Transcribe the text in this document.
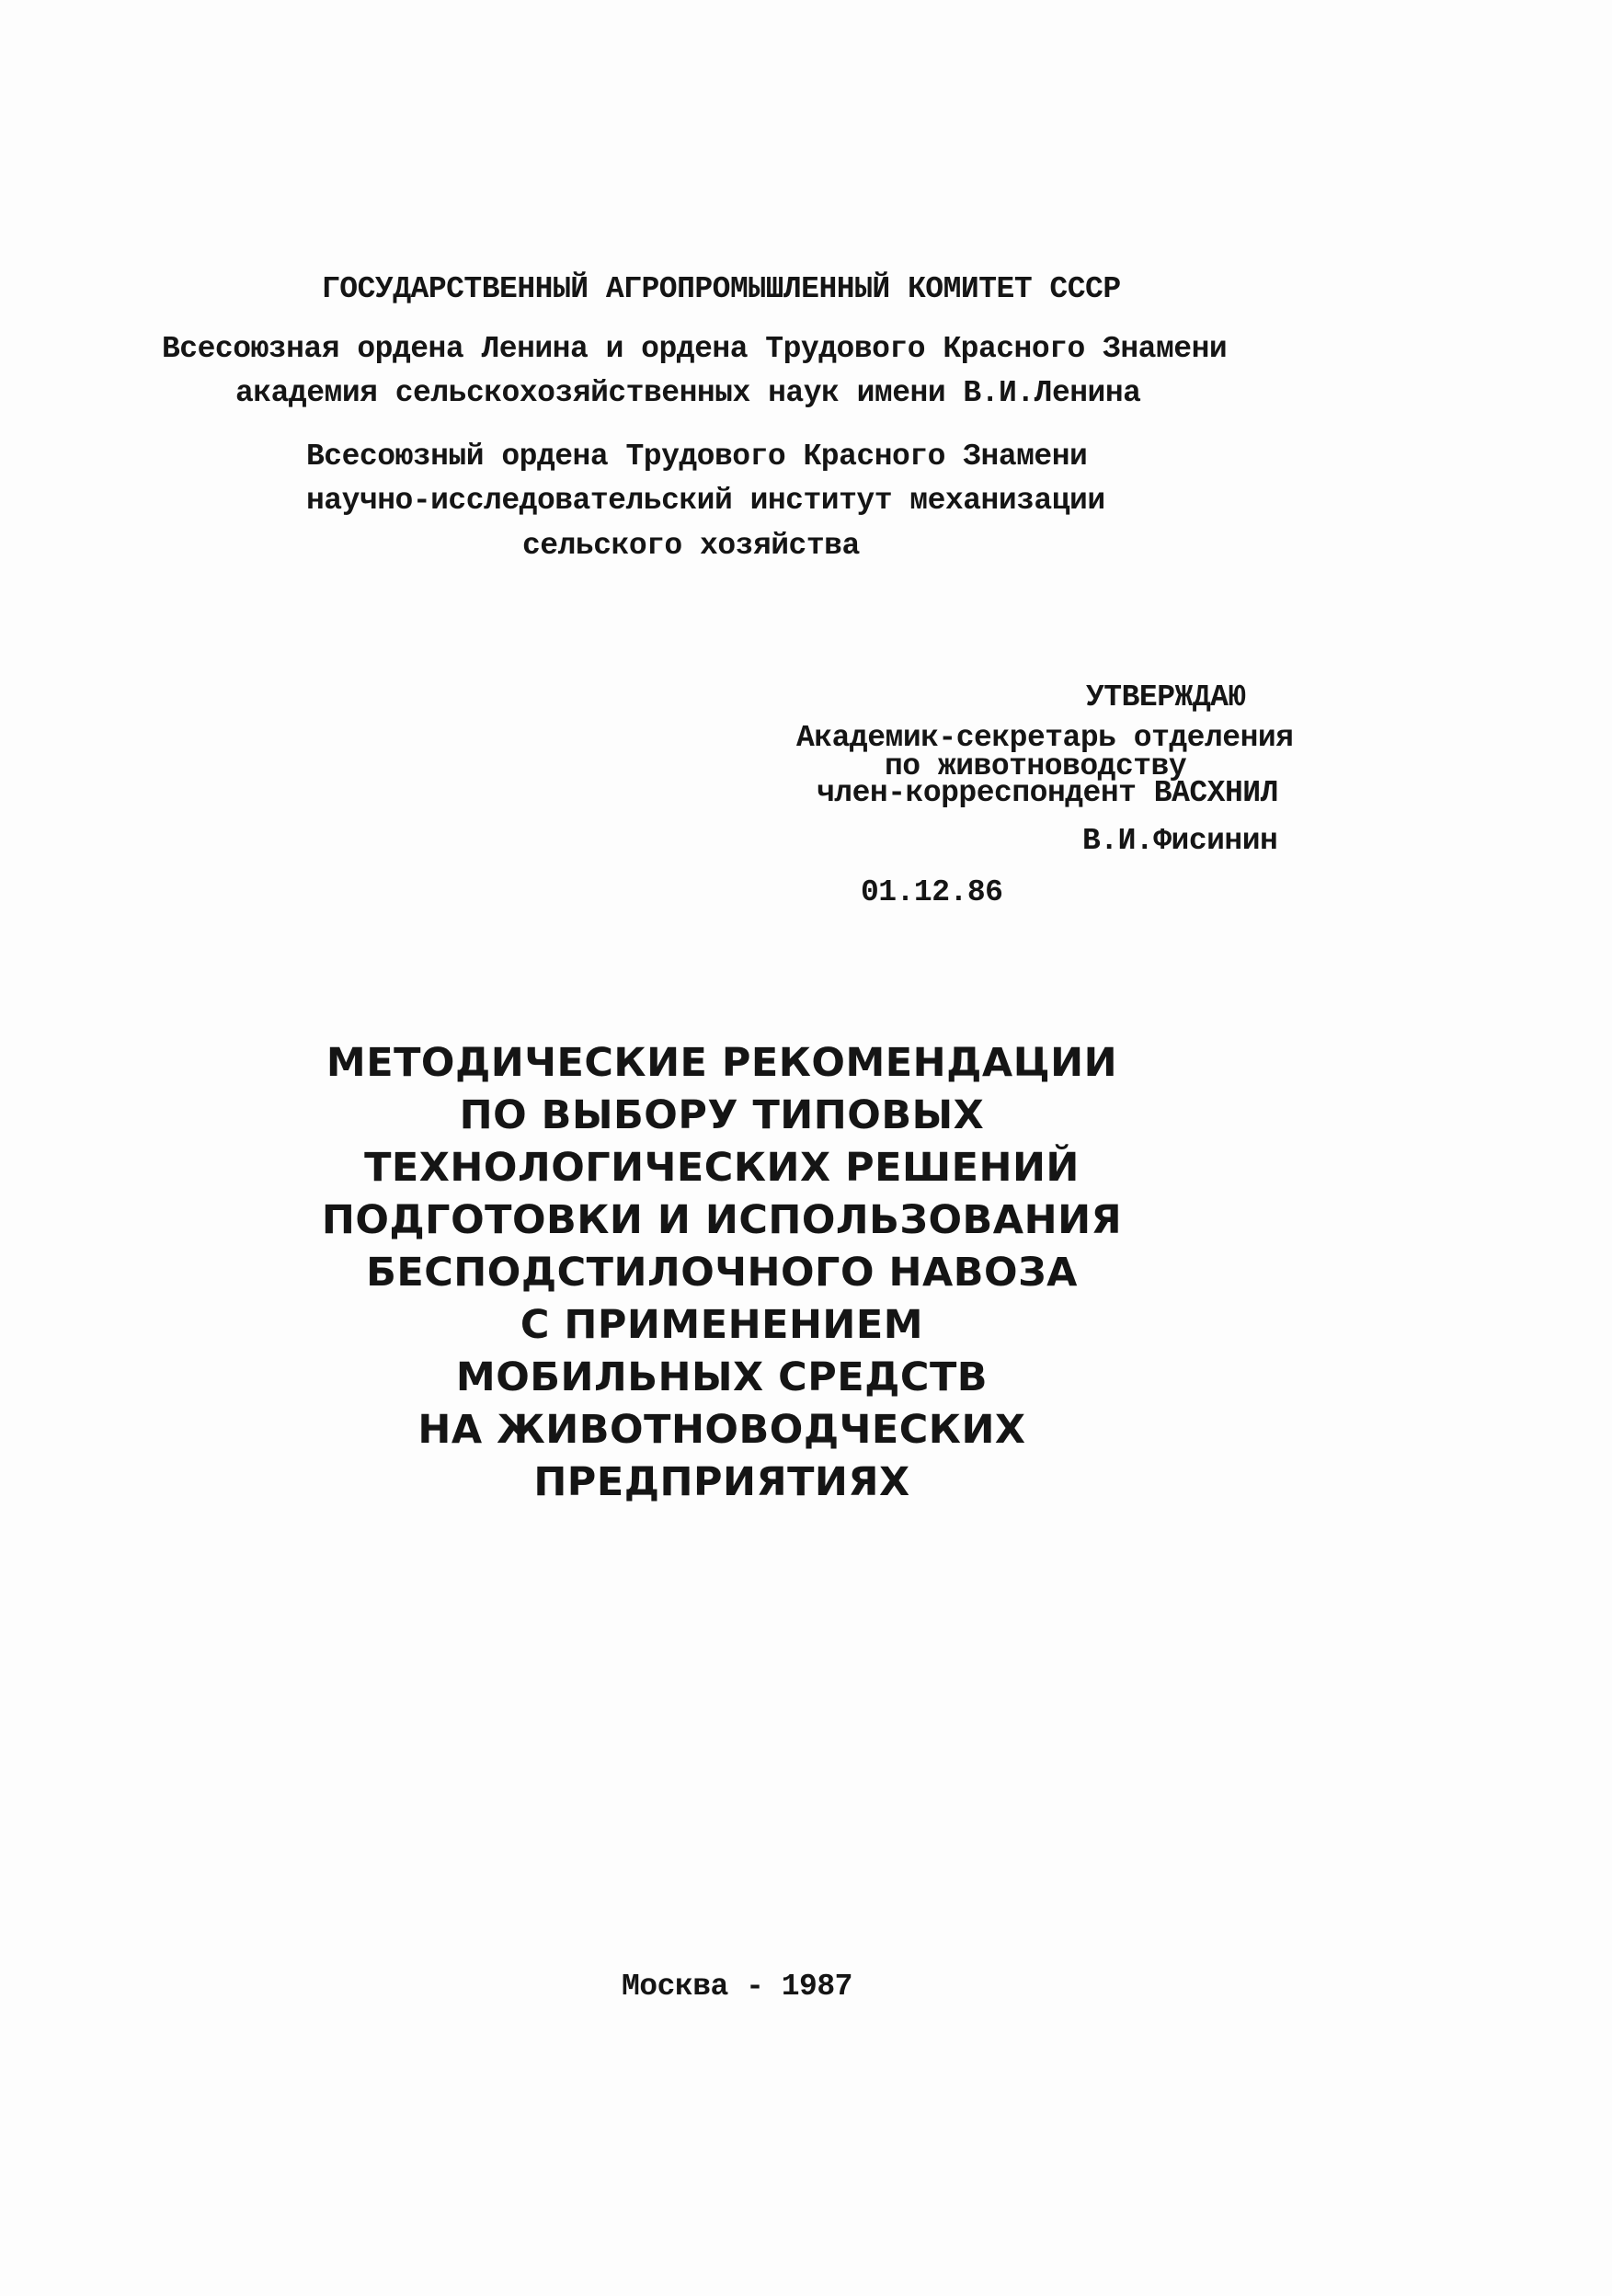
ГОСУДАРСТВЕННЫЙ АГРОПРОМЫШЛЕННЫЙ КОМИТЕТ СССР
Всесоюзная ордена Ленина и ордена Трудового Красного Знамени
академия сельскохозяйственных наук имени В.И.Ленина
Всесоюзный ордена Трудового Красного Знамени
научно-исследовательский институт механизации
сельского хозяйства
УТВЕРЖДАЮ
Академик-секретарь отделения
по животноводству
член-корреспондент ВАСХНИЛ
В.И.Фисинин
01.12.86
МЕТОДИЧЕСКИЕ РЕКОМЕНДАЦИИ
ПО ВЫБОРУ ТИПОВЫХ
ТЕХНОЛОГИЧЕСКИХ РЕШЕНИЙ
ПОДГОТОВКИ И ИСПОЛЬЗОВАНИЯ
БЕСПОДСТИЛОЧНОГО НАВОЗА
С ПРИМЕНЕНИЕМ
МОБИЛЬНЫХ СРЕДСТВ
НА ЖИВОТНОВОДЧЕСКИХ
ПРЕДПРИЯТИЯХ
Москва - 1987
